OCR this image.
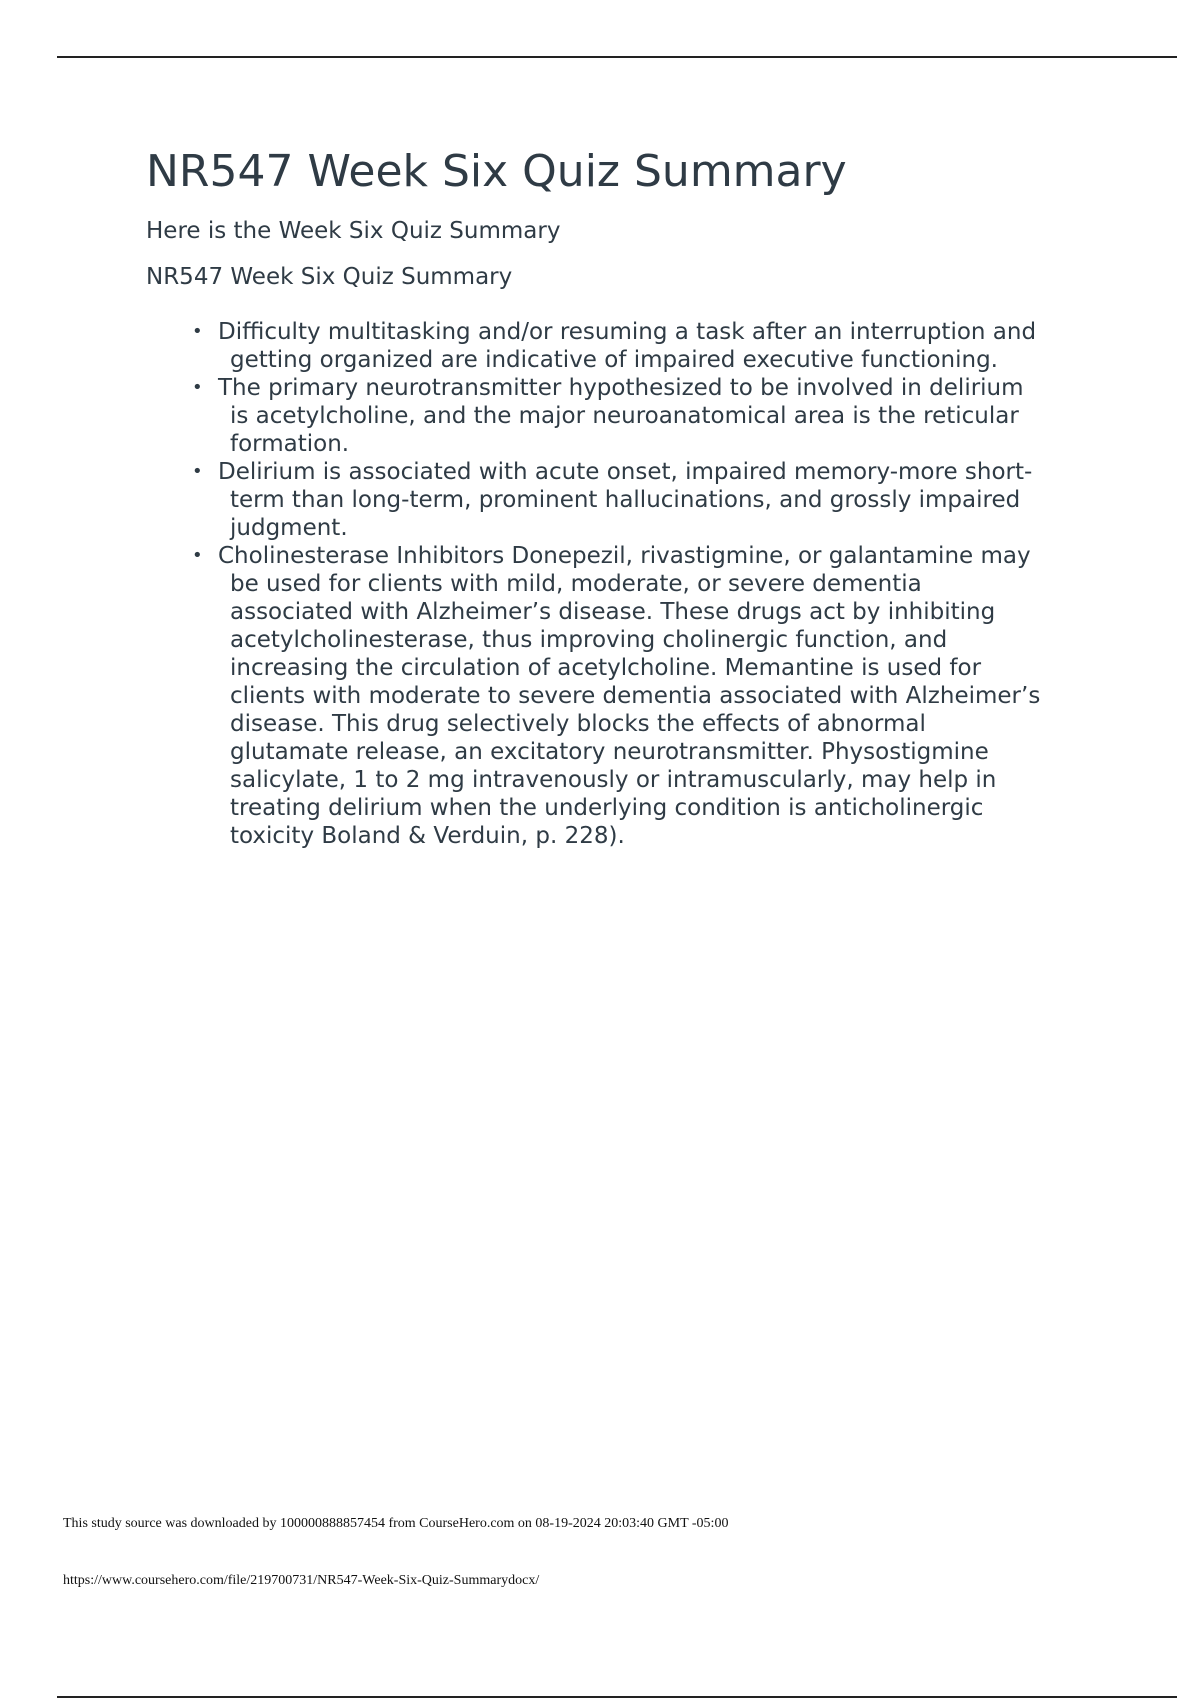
NR547 Week Six Quiz Summary

Here is the Week Six Quiz Summary

NR547 Week Six Quiz Summary

• Difficulty multitasking and/or resuming a task after an interruption and
getting organized are indicative of impaired executive functioning.
• The primary neurotransmitter hypothesized to be involved in delirium
is acetylcholine, and the major neuroanatomical area is the reticular
formation.
• Delirium is associated with acute onset, impaired memory-more short-
term than long-term, prominent hallucinations, and grossly impaired
judgment.
• Cholinesterase Inhibitors Donepezil, rivastigmine, or galantamine may
be used for clients with mild, moderate, or severe dementia
associated with Alzheimer’s disease. These drugs act by inhibiting
acetylcholinesterase, thus improving cholinergic function, and
increasing the circulation of acetylcholine. Memantine is used for
clients with moderate to severe dementia associated with Alzheimer’s
disease. This drug selectively blocks the effects of abnormal
glutamate release, an excitatory neurotransmitter. Physostigmine
salicylate, 1 to 2 mg intravenously or intramuscularly, may help in
treating delirium when the underlying condition is anticholinergic
toxicity Boland & Verduin, p. 228).
This study source was downloaded by 100000888857454 from CourseHero.com on 08-19-2024 20:03:40 GMT -05:00
https://www.coursehero.com/file/219700731/NR547-Week-Six-Quiz-Summarydocx/
